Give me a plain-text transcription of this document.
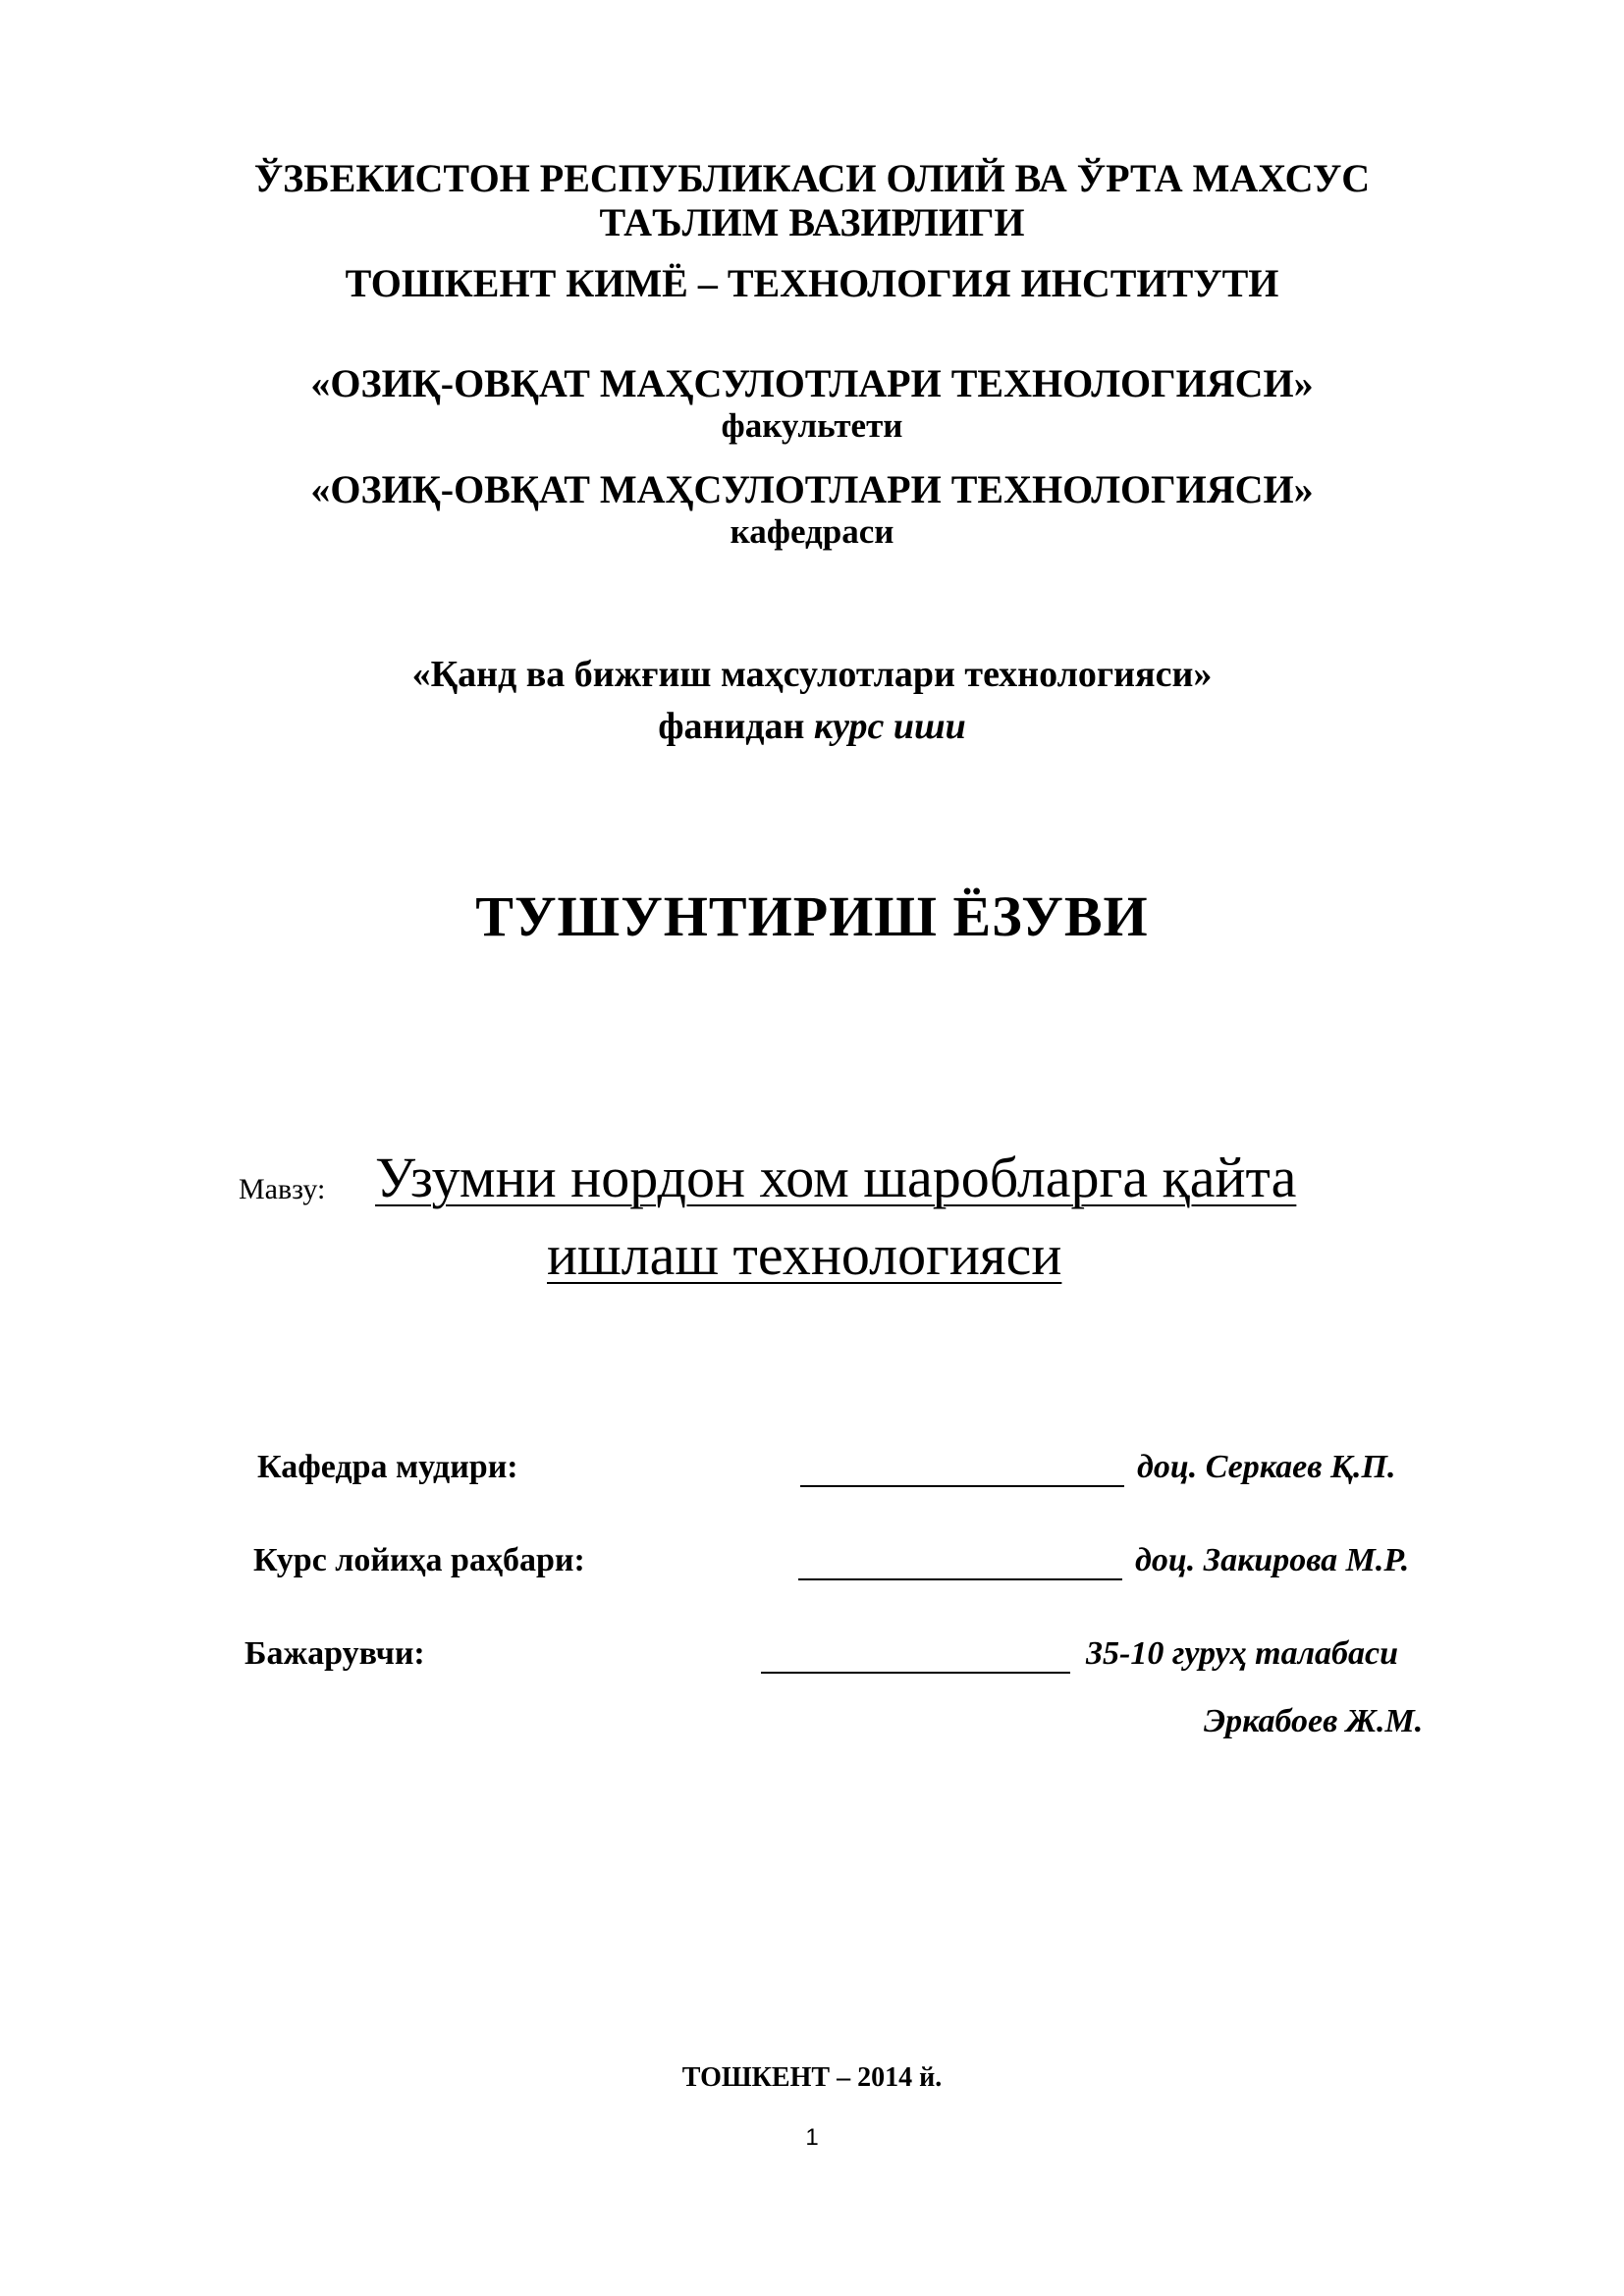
ЎЗБЕКИСТОН РЕСПУБЛИКАСИ ОЛИЙ ВА ЎРТА МАХСУС
ТАЪЛИМ ВАЗИРЛИГИ
ТОШКЕНТ КИМЁ – ТЕХНОЛОГИЯ ИНСТИТУТИ
«ОЗИҚ-ОВҚАТ МАҲСУЛОТЛАРИ ТЕХНОЛОГИЯСИ»
факультети
«ОЗИҚ-ОВҚАТ МАҲСУЛОТЛАРИ ТЕХНОЛОГИЯСИ»
кафедраси
«Қанд ва бижғиш маҳсулотлари технологияси»
фанидан курс иши
ТУШУНТИРИШ ЁЗУВИ
Мавзу: Узумни нордон хом шаробларга қайта
ишлаш технологияси
Кафедра мудири:	доц. Серкаев Қ.П.
Курс лойиҳа раҳбари:	доц. Закирова М.Р.
Бажарувчи:	35-10 гуруҳ талабаси
Эркабоев Ж.М.
ТОШКЕНТ – 2014 й.
1
